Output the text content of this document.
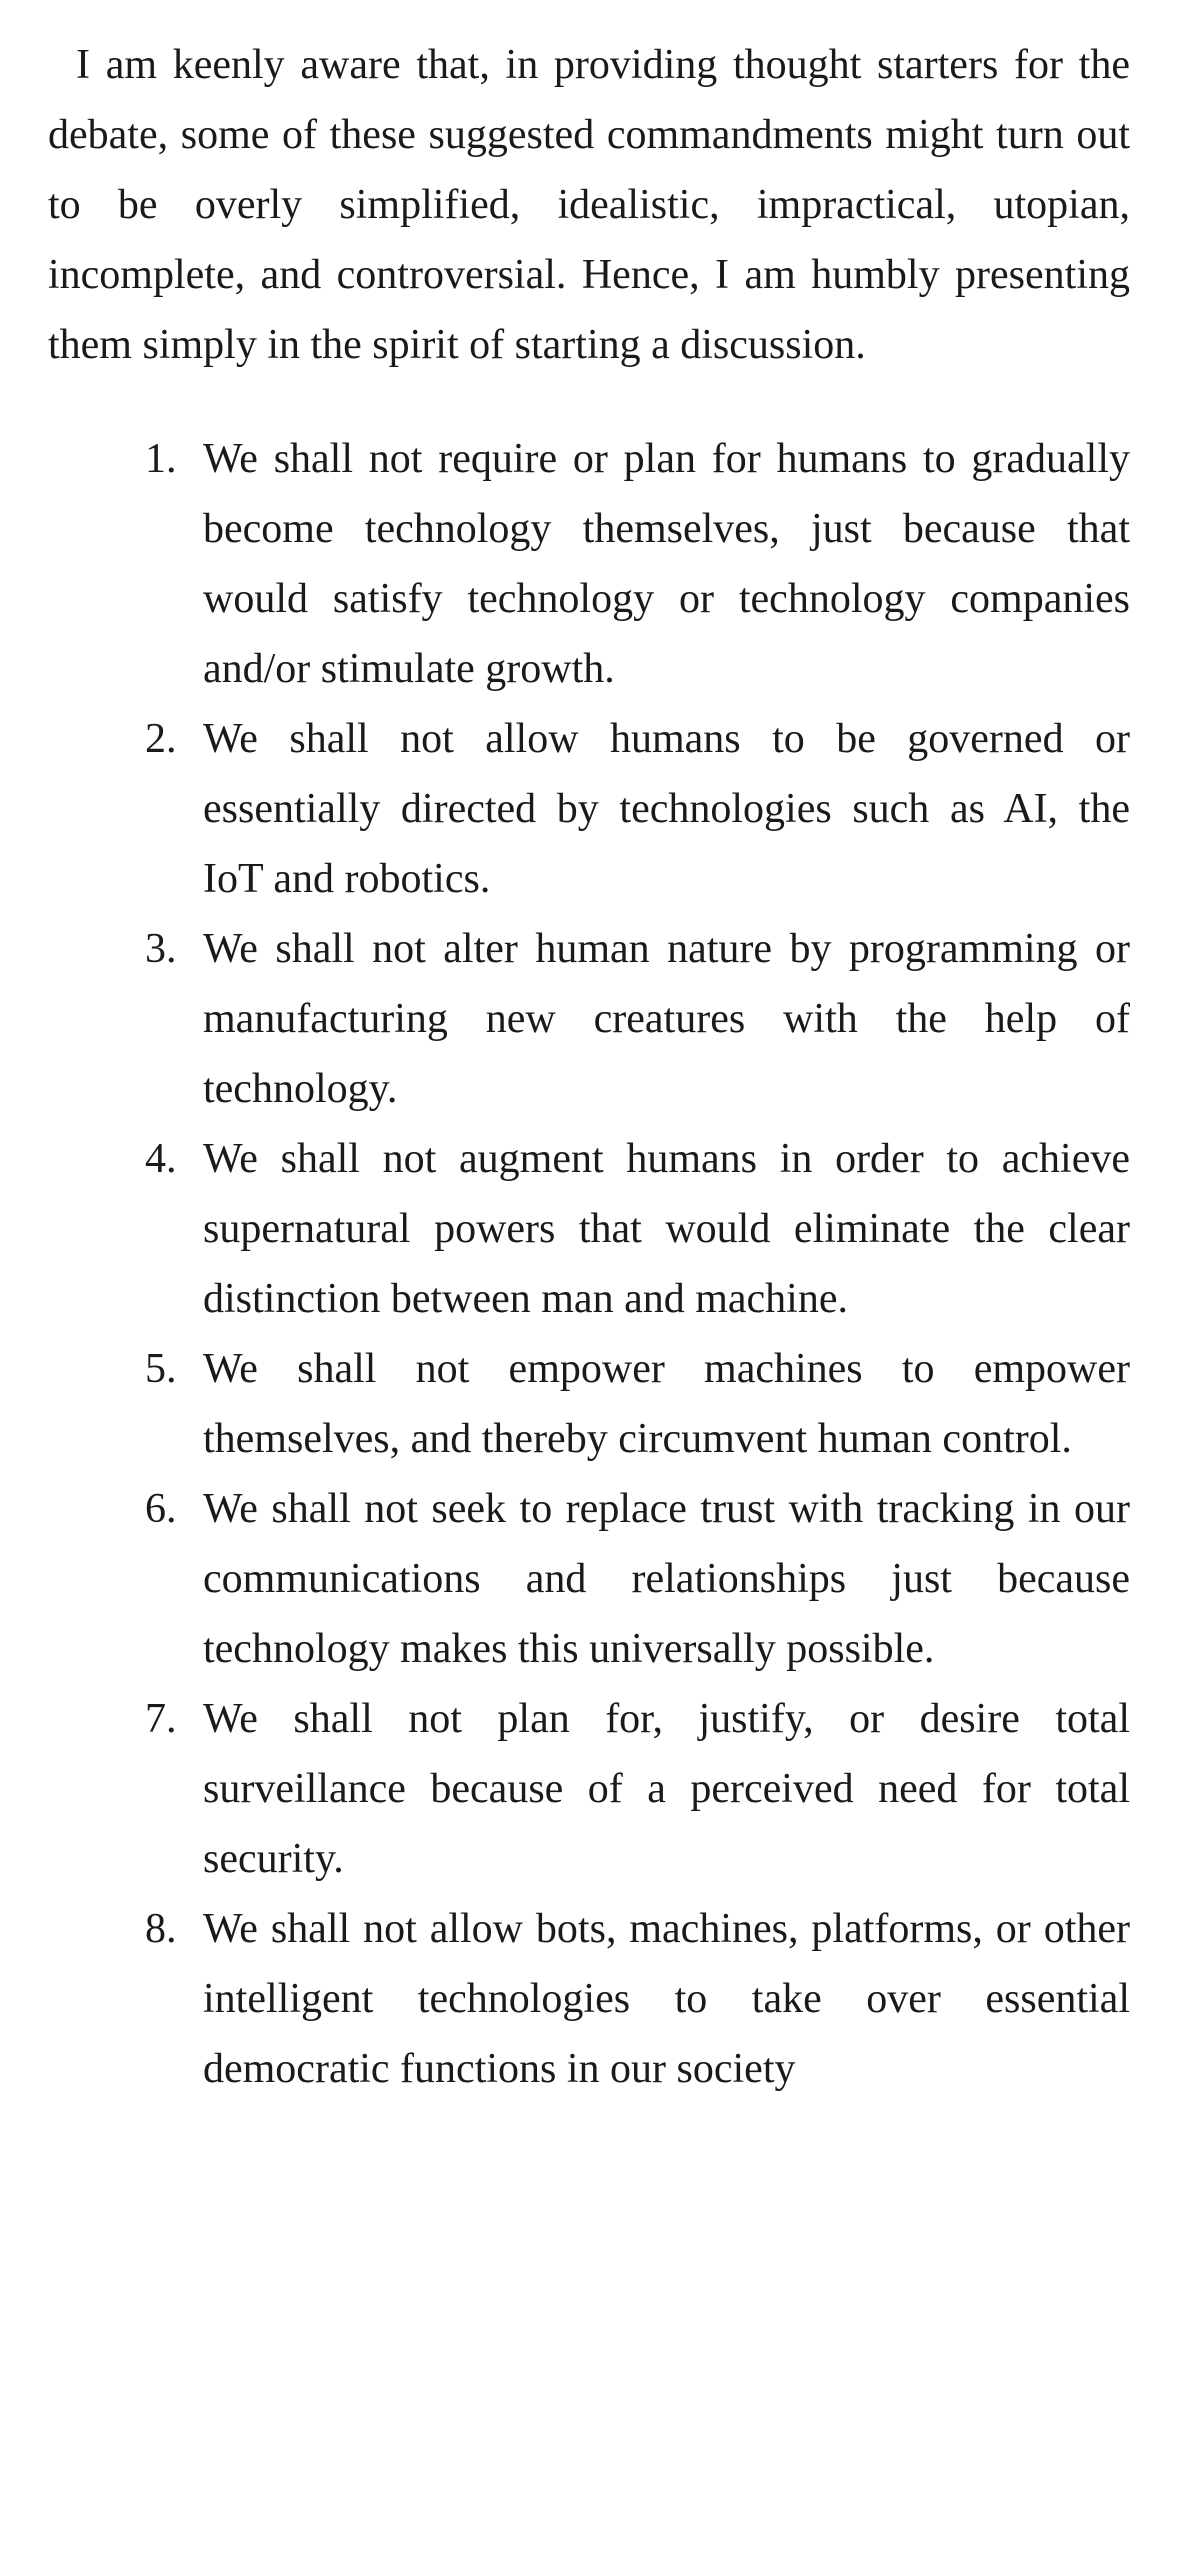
I am keenly aware that, in providing thought starters for the debate, some of these suggested commandments might turn out to be overly simplified, idealistic, impractical, utopian, incomplete, and controversial. Hence, I am humbly presenting them simply in the spirit of starting a discussion.

1. We shall not require or plan for humans to gradually become technology themselves, just because that would satisfy technology or technology companies and/or stimulate growth.
2. We shall not allow humans to be governed or essentially directed by technologies such as AI, the IoT and robotics.
3. We shall not alter human nature by programming or manufacturing new creatures with the help of technology.
4. We shall not augment humans in order to achieve supernatural powers that would eliminate the clear distinction between man and machine.
5. We shall not empower machines to empower themselves, and thereby circumvent human control.
6. We shall not seek to replace trust with tracking in our communications and relationships just because technology makes this universally possible.
7. We shall not plan for, justify, or desire total surveillance because of a perceived need for total security.
8. We shall not allow bots, machines, platforms, or other intelligent technologies to take over essential democratic functions in our society
